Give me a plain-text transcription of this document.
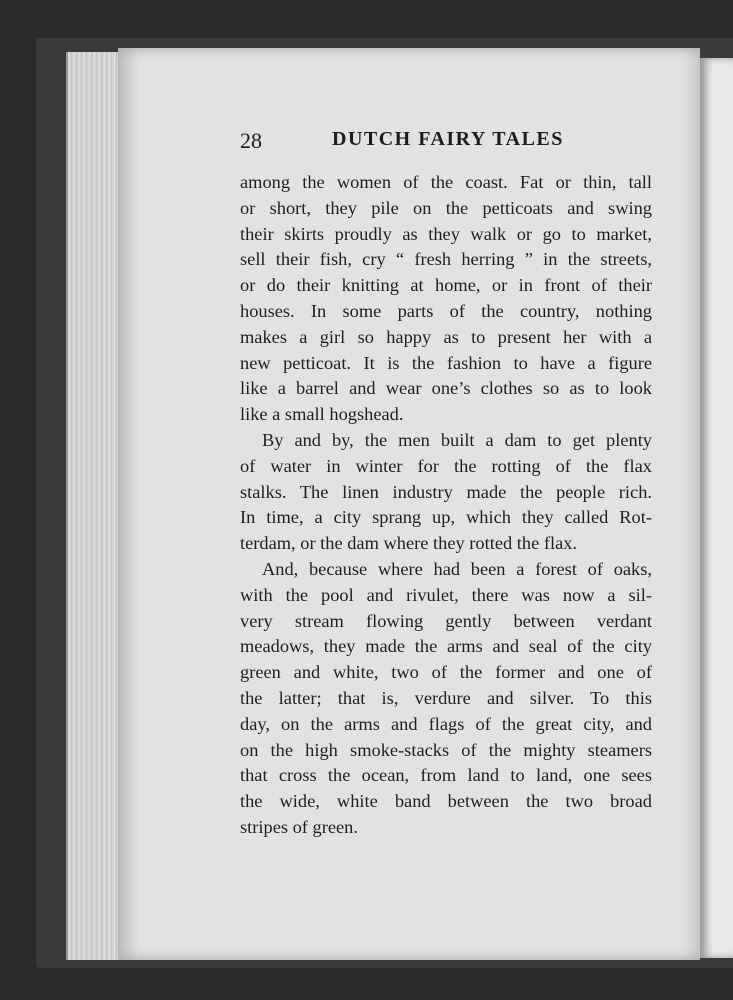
28	DUTCH FAIRY TALES
among the women of the coast. Fat or thin, tall
or short, they pile on the petticoats and swing
their skirts proudly as they walk or go to market,
sell their fish, cry “ fresh herring ” in the streets,
or do their knitting at home, or in front of their
houses. In some parts of the country, nothing
makes a girl so happy as to present her with a
new petticoat. It is the fashion to have a figure
like a barrel and wear one’s clothes so as to look
like a small hogshead.
By and by, the men built a dam to get plenty
of water in winter for the rotting of the flax
stalks. The linen industry made the people rich.
In time, a city sprang up, which they called Rot-
terdam, or the dam where they rotted the flax.
And, because where had been a forest of oaks,
with the pool and rivulet, there was now a sil-
very stream flowing gently between verdant
meadows, they made the arms and seal of the city
green and white, two of the former and one of
the latter; that is, verdure and silver. To this
day, on the arms and flags of the great city, and
on the high smoke-stacks of the mighty steamers
that cross the ocean, from land to land, one sees
the wide, white band between the two broad
stripes of green.
